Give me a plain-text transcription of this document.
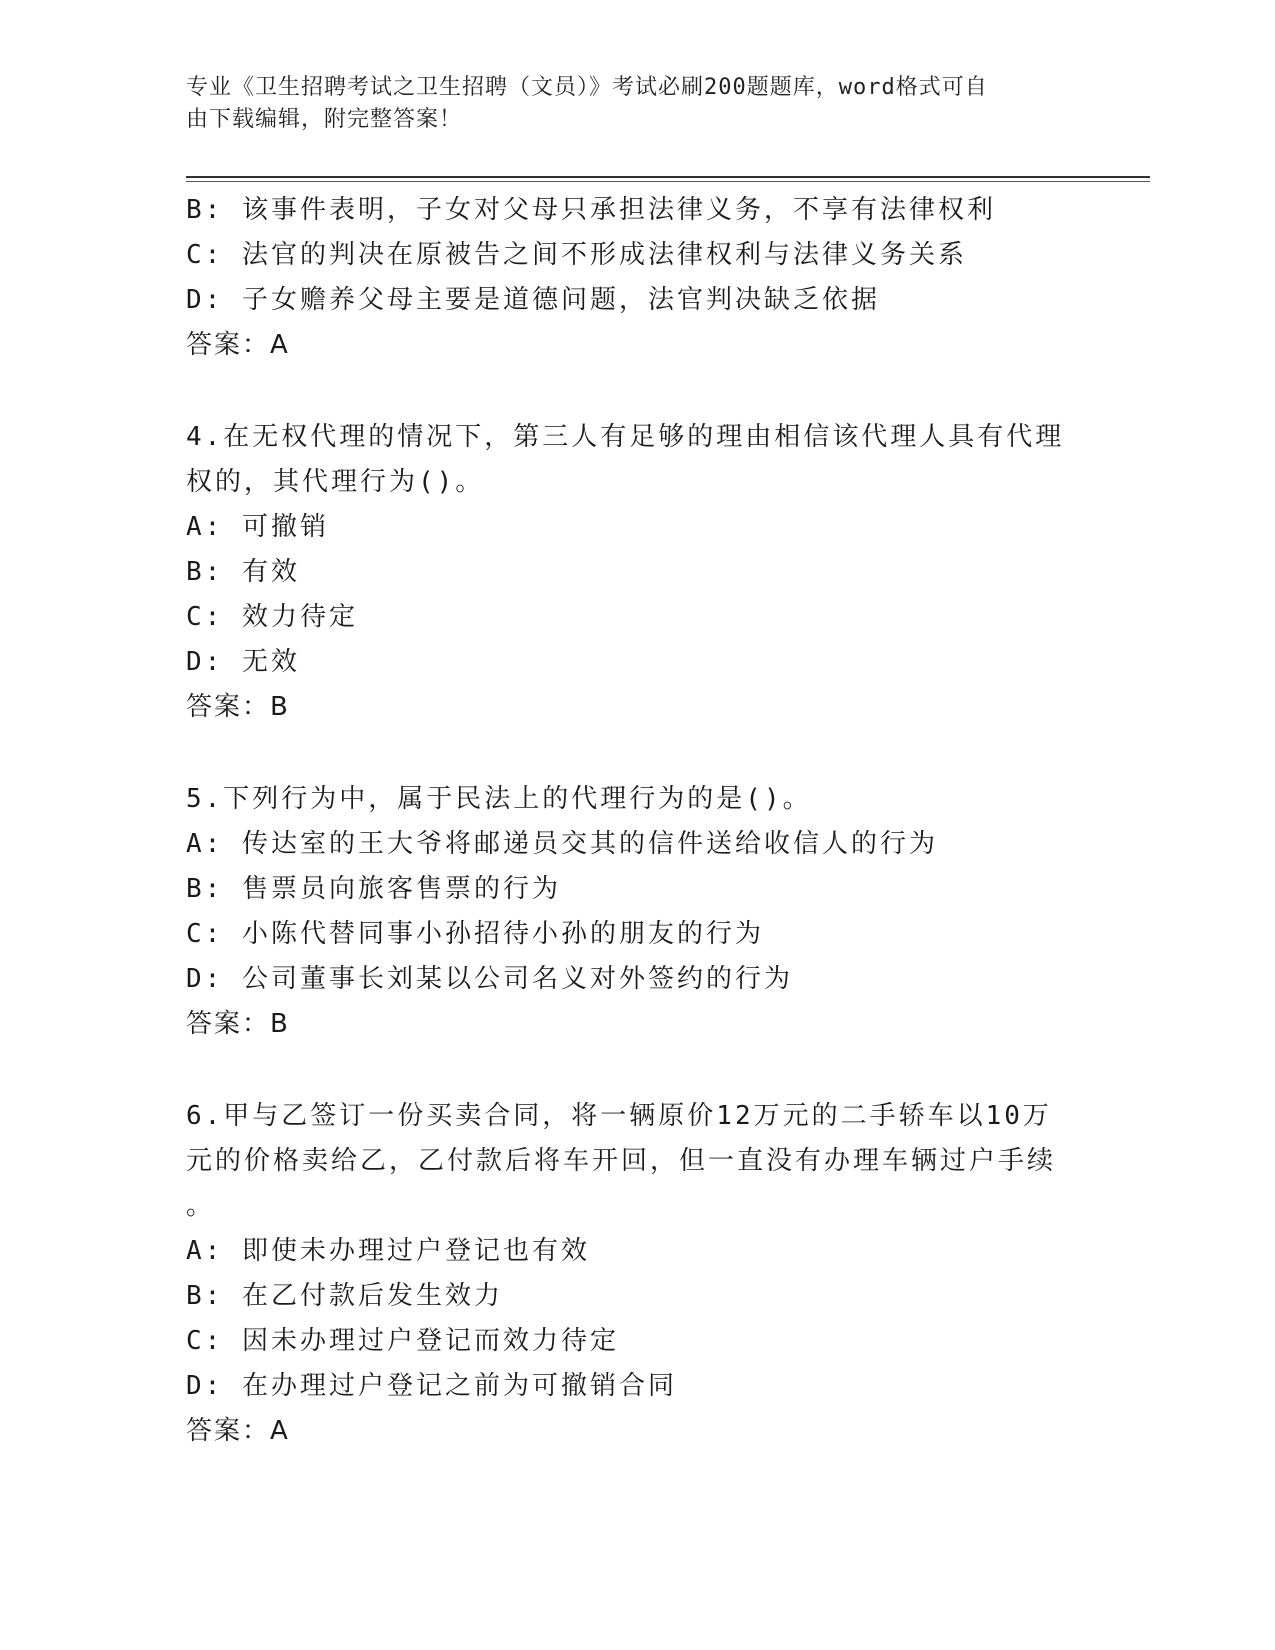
专业《卫生招聘考试之卫生招聘（文员）》考试必刷200题题库，word格式可自
由下载编辑，附完整答案！
B: 该事件表明，子女对父母只承担法律义务，不享有法律权利
C: 法官的判决在原被告之间不形成法律权利与法律义务关系
D: 子女赡养父母主要是道德问题，法官判决缺乏依据
答案：A
4.在无权代理的情况下，第三人有足够的理由相信该代理人具有代理
权的，其代理行为()。
A: 可撤销
B: 有效
C: 效力待定
D: 无效
答案：B
5.下列行为中，属于民法上的代理行为的是()。
A: 传达室的王大爷将邮递员交其的信件送给收信人的行为
B: 售票员向旅客售票的行为
C: 小陈代替同事小孙招待小孙的朋友的行为
D: 公司董事长刘某以公司名义对外签约的行为
答案：B
6.甲与乙签订一份买卖合同，将一辆原价12万元的二手轿车以10万
元的价格卖给乙，乙付款后将车开回，但一直没有办理车辆过户手续
。
A: 即使未办理过户登记也有效
B: 在乙付款后发生效力
C: 因未办理过户登记而效力待定
D: 在办理过户登记之前为可撤销合同
答案：A
